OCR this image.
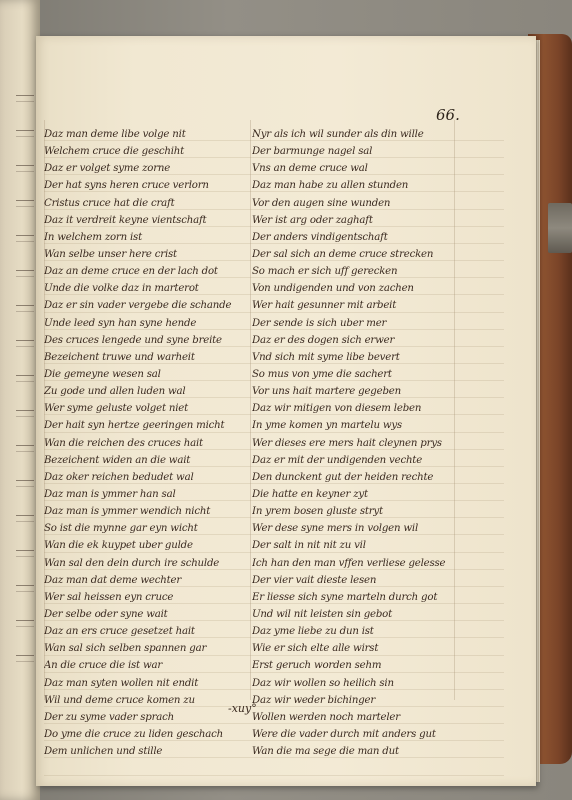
66.
Daz man deme libe volge nit
Welchem cruce die geschiht
Daz er volget syme zorne
Der hat syns heren cruce verlorn
Cristus cruce hat die craft
Daz it verdreit keyne vientschaft
In welchem zorn ist
Wan selbe unser here crist
Daz an deme cruce en der lach dot
Unde die volke daz in marterot
Daz er sin vader vergebe die schande
Unde leed syn han syne hende
Des cruces lengede und syne breite
Bezeichent truwe und warheit
Die gemeyne wesen sal
Zu gode und allen luden wal
Wer syme geluste volget niet
Der hait syn hertze geeringen micht
Wan die reichen des cruces hait
Bezeichent widen an die wait
Daz oker reichen bedudet wal
Daz man is ymmer han sal
Daz man is ymmer wendich nicht
So ist die mynne gar eyn wicht
Wan die ek kuypet uber gulde
Wan sal den dein durch ire schulde
Daz man dat deme wechter
Wer sal heissen eyn cruce
Der selbe oder syne wait
Daz an ers cruce gesetzet hait
Wan sal sich selben spannen gar
An die cruce die ist war
Daz man syten wollen nit endit
Wil und deme cruce komen zu
Der zu syme vader sprach
Do yme die cruce zu liden geschach
Dem unlichen und stille
Nyr als ich wil sunder als din wille
Der barmunge nagel sal
Vns an deme cruce wal
Daz man habe zu allen stunden
Vor den augen sine wunden
Wer ist arg oder zaghaft
Der anders vindigentschaft
Der sal sich an deme cruce strecken
So mach er sich uff gerecken
Von undigenden und von zachen
Wer hait gesunner mit arbeit
Der sende is sich uber mer
Daz er des dogen sich erwer
Vnd sich mit syme libe bevert
So mus von yme die sachert
Vor uns hait martere gegeben
Daz wir mitigen von diesem leben
In yme komen yn martelu wys
Wer dieses ere mers hait cleynen prys
Daz er mit der undigenden vechte
Den dunckent gut der heiden rechte
Die hatte en keyner zyt
In yrem bosen gluste stryt
Wer dese syne mers in volgen wil
Der salt in nit nit zu vil
Ich han den man vffen verliese gelesse
Der vier vait dieste lesen
Er liesse sich syne marteln durch got
Und wil nit leisten sin gebot
Daz yme liebe zu dun ist
Wie er sich elte alle wirst
Erst geruch worden sehm
Daz wir wollen so heilich sin
Daz wir weder bichinger
Wollen werden noch marteler
Were die vader durch mit anders gut
Wan die ma sege die man dut
-xuy°
